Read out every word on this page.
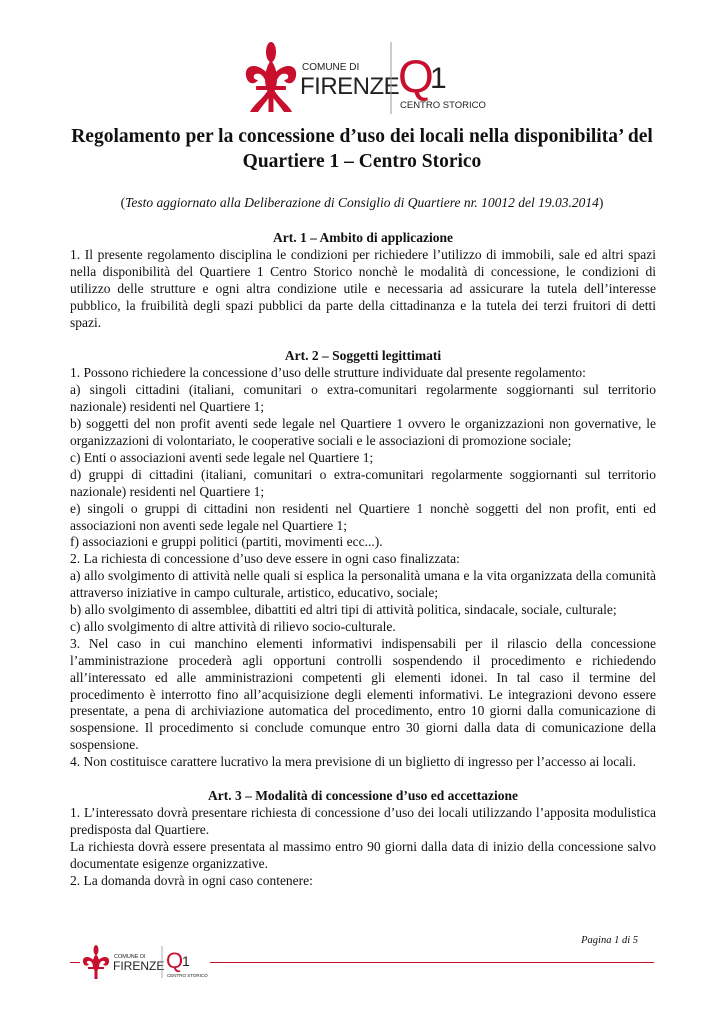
COMUNE DI
FIRENZE
Q
1
CENTRO STORICO
Regolamento per la concessione d’uso dei locali nella disponibilita’ del Quartiere 1 – Centro Storico
(Testo aggiornato alla Deliberazione di Consiglio di Quartiere nr. 10012 del 19.03.2014)
Art. 1 – Ambito di applicazione

1. Il presente regolamento disciplina le condizioni per richiedere l’utilizzo di immobili, sale ed altri spazi nella disponibilità del Quartiere 1 Centro Storico nonchè le modalità di concessione, le condizioni di utilizzo delle strutture e ogni altra condizione utile e necessaria ad assicurare la tutela dell’interesse pubblico, la fruibilità degli spazi pubblici da parte della cittadinanza e la tutela dei terzi fruitori di detti spazi.

Art. 2 – Soggetti legittimati

1. Possono richiedere la concessione d’uso delle strutture individuate dal presente regolamento:

a) singoli cittadini (italiani, comunitari o extra-comunitari regolarmente soggiornanti sul territorio nazionale) residenti nel Quartiere 1;

b) soggetti del non profit aventi sede legale nel Quartiere 1 ovvero le organizzazioni non governative, le organizzazioni di volontariato, le cooperative sociali e le associazioni di promozione sociale;

c) Enti o associazioni aventi sede legale nel Quartiere 1;

d) gruppi di cittadini (italiani, comunitari o extra-comunitari regolarmente soggiornanti sul territorio nazionale) residenti nel Quartiere 1;

e) singoli o gruppi di cittadini non residenti nel Quartiere 1 nonchè soggetti del non profit, enti ed associazioni non aventi sede legale nel Quartiere 1;

f) associazioni e gruppi politici (partiti, movimenti ecc...).

2. La richiesta di concessione d’uso deve essere in ogni caso finalizzata:

a) allo svolgimento di attività nelle quali si esplica la personalità umana e la vita organizzata della comunità attraverso iniziative in campo culturale, artistico, educativo, sociale;

b) allo svolgimento di assemblee, dibattiti ed altri tipi di attività politica, sindacale, sociale, culturale;

c) allo svolgimento di altre attività di rilievo socio-culturale.

3. Nel caso in cui manchino elementi informativi indispensabili per il rilascio della concessione l’amministrazione procederà agli opportuni controlli sospendendo il procedimento e richiedendo all’interessato ed alle amministrazioni competenti gli elementi idonei. In tal caso il termine del procedimento è interrotto fino all’acquisizione degli elementi informativi. Le integrazioni devono essere presentate, a pena di archiviazione automatica del procedimento, entro 10 giorni dalla comunicazione di sospensione. Il procedimento si conclude comunque entro 30 giorni dalla data di comunicazione della sospensione.

4. Non costituisce carattere lucrativo la mera previsione di un biglietto di ingresso per l’accesso ai locali.

Art. 3 – Modalità di concessione d’uso ed accettazione

1. L’interessato dovrà presentare richiesta di concessione d’uso dei locali utilizzando l’apposita modulistica predisposta dal Quartiere.

La richiesta dovrà essere presentata al massimo entro 90 giorni dalla data di inizio della concessione salvo documentate esigenze organizzative.

2. La domanda dovrà in ogni caso contenere:

Pagina 1 di 5
COMUNE DI
FIRENZE Q
1
CENTRO STORICO
